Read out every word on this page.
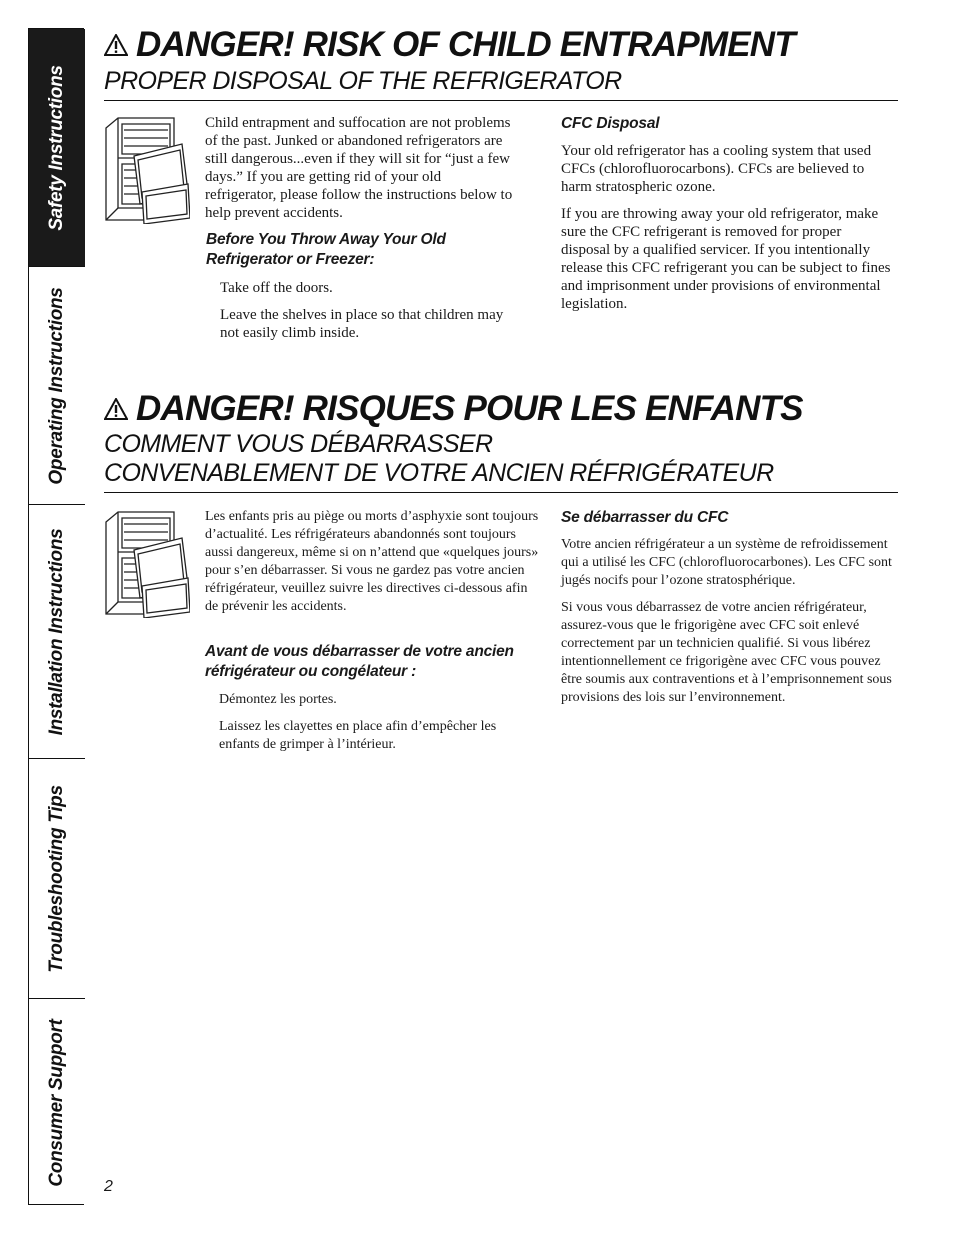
Safety Instructions
Operating Instructions
Installation Instructions
Troubleshooting Tips
Consumer Support
DANGER! RISK OF CHILD ENTRAPMENT
PROPER DISPOSAL OF THE REFRIGERATOR
Child entrapment and suffocation are not problems of the past. Junked or abandoned refrigerators are still dangerous...even if they will sit for “just a few days.” If you are getting rid of your old refrigerator, please follow the instructions below to help prevent accidents.
Before You Throw Away Your Old Refrigerator or Freezer:

Take off the doors.

Leave the shelves in place so that children may not easily climb inside.

CFC Disposal

Your old refrigerator has a cooling system that used CFCs (chlorofluorocarbons). CFCs are believed to harm stratospheric ozone.

If you are throwing away your old refrigerator, make sure the CFC refrigerant is removed for proper disposal by a qualified servicer. If you intentionally release this CFC refrigerant you can be subject to fines and imprisonment under provisions of environmental legislation.

DANGER! RISQUES POUR LES ENFANTS
COMMENT VOUS DÉBARRASSER
CONVENABLEMENT DE VOTRE ANCIEN RÉFRIGÉRATEUR
Les enfants pris au piège ou morts d’asphyxie sont toujours d’actualité. Les réfrigérateurs abandonnés sont toujours aussi dangereux, même si on n’attend que «quelques jours» pour s’en débarrasser. Si vous ne gardez pas votre ancien réfrigérateur, veuillez suivre les directives ci-dessous afin de prévenir les accidents.
Avant de vous débarrasser de votre ancien réfrigérateur ou congélateur :

Démontez les portes.

Laissez les clayettes en place afin d’empêcher les enfants de grimper à l’intérieur.

Se débarrasser du CFC

Votre ancien réfrigérateur a un système de refroidissement qui a utilisé les CFC (chlorofluorocarbones). Les CFC sont jugés nocifs pour l’ozone stratosphérique.

Si vous vous débarrassez de votre ancien réfrigérateur, assurez-vous que le frigorigène avec CFC soit enlevé correctement par un technicien qualifié. Si vous libérez intentionnellement ce frigorigène avec CFC vous pouvez être soumis aux contraventions et à l’emprisonnement sous provisions des lois sur l’environnement.

2
